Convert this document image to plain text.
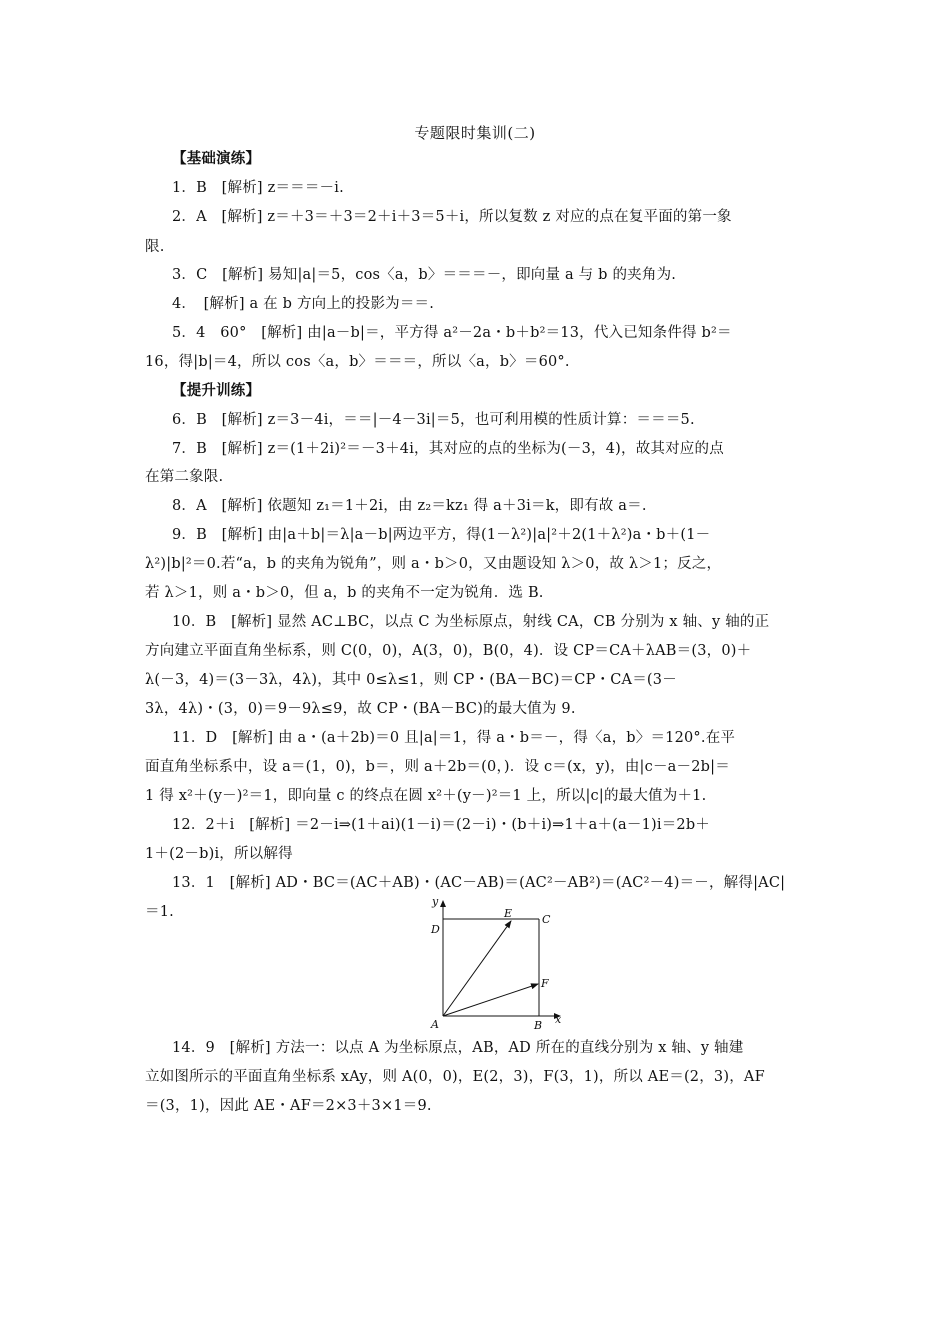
专题限时集训(二)
【基础演练】
1．B　[解析] z＝＝＝－i.
2．A　[解析] z＝＋3＝＋3＝2＋i＋3＝5＋i，所以复数 z 对应的点在复平面的第一象
限.
3．C　[解析] 易知|a|＝5，cos〈a，b〉＝＝＝－，即向量 a 与 b 的夹角为.
4．　[解析] a 在 b 方向上的投影为＝＝.
5．4　60°　[解析] 由|a－b|＝，平方得 a²－2a・b＋b²＝13，代入已知条件得 b²＝
16，得|b|＝4，所以 cos〈a，b〉＝＝＝，所以〈a，b〉＝60°.
【提升训练】
6．B　[解析] z＝3－4i，＝＝|－4－3i|＝5，也可利用模的性质计算：＝＝＝5.
7．B　[解析] z＝(1＋2i)²＝－3＋4i，其对应的点的坐标为(－3，4)，故其对应的点
在第二象限.
8．A　[解析] 依题知 z₁＝1＋2i，由 z₂＝kz₁ 得 a＋3i＝k，即有故 a＝.
9．B　[解析] 由|a＋b|＝λ|a－b|两边平方，得(1－λ²)|a|²＋2(1＋λ²)a・b＋(1－
λ²)|b|²＝0.若“a，b 的夹角为锐角”，则 a・b＞0，又由题设知 λ＞0，故 λ＞1；反之，
若 λ＞1，则 a・b＞0，但 a，b 的夹角不一定为锐角．选 B.
10．B　[解析] 显然 AC⊥BC，以点 C 为坐标原点，射线 CA，CB 分别为 x 轴、y 轴的正
方向建立平面直角坐标系，则 C(0，0)，A(3，0)，B(0，4)．设 CP＝CA＋λAB＝(3，0)＋
λ(－3，4)＝(3－3λ，4λ)，其中 0≤λ≤1，则 CP・(BA－BC)＝CP・CA＝(3－
3λ，4λ)・(3，0)＝9－9λ≤9，故 CP・(BA－BC)的最大值为 9.
11．D　[解析] 由 a・(a＋2b)＝0 且|a|＝1，得 a・b＝－，得〈a，b〉＝120°.在平
面直角坐标系中，设 a＝(1，0)，b＝，则 a＋2b＝(0，)．设 c＝(x，y)，由|c－a－2b|＝
1 得 x²＋(y－)²＝1，即向量 c 的终点在圆 x²＋(y－)²＝1 上，所以|c|的最大值为＋1.
12．2＋i　[解析] ＝2－i⇒(1＋ai)(1－i)＝(2－i)・(b＋i)⇒1＋a＋(a－1)i＝2b＋
1＋(2－b)i，所以解得
13．1　[解析] AD・BC＝(AC＋AB)・(AC－AB)＝(AC²－AB²)＝(AC²－4)＝－，解得|AC|
＝1.
y
x
A	B
C
D
E
F
14．9　[解析] 方法一：以点 A 为坐标原点，AB，AD 所在的直线分别为 x 轴、y 轴建
立如图所示的平面直角坐标系 xAy，则 A(0，0)，E(2，3)，F(3，1)，所以 AE＝(2，3)，AF
＝(3，1)，因此 AE・AF＝2×3＋3×1＝9.
